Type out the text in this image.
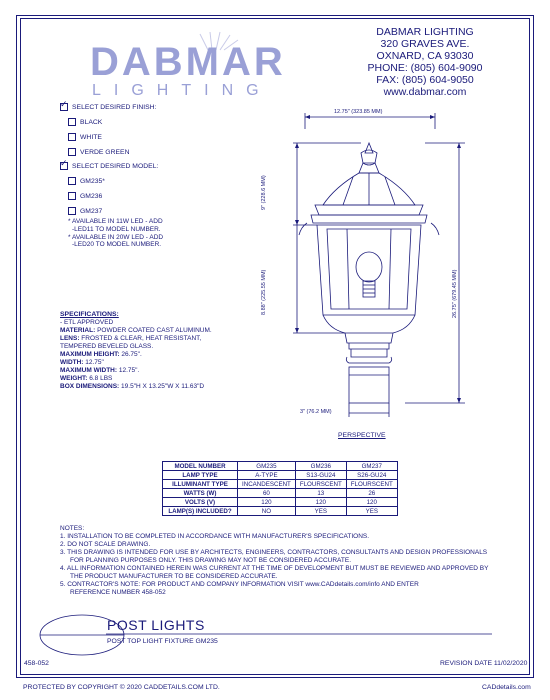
DABMAR
LIGHTING
DABMAR LIGHTING
320 GRAVES AVE.
OXNARD, CA 93030
PHONE: (805) 604-9090
FAX: (805) 604-9050
www.dabmar.com
✓
SELECT DESIRED FINISH:
BLACK
WHITE
VERDE GREEN
✓
SELECT DESIRED MODEL:
GM235*
GM236
GM237
* AVAILABLE IN 11W LED - ADD
-LED11 TO MODEL NUMBER.
* AVAILABLE IN 20W LED - ADD
-LED20 TO MODEL NUMBER.
SPECIFICATIONS:
- ETL APPROVED
MATERIAL: POWDER COATED CAST ALUMINUM.
LENS: FROSTED & CLEAR, HEAT RESISTANT,
TEMPERED BEVELED GLASS.
MAXIMUM HEIGHT: 26.75".
WIDTH: 12.75"
MAXIMUM WIDTH: 12.75".
WEIGHT: 6.8 LBS
BOX DIMENSIONS: 19.5"H X 13.25"W X 11.63"D
12.75" (323.85 MM)
9" (228.6 MM)
8.88" (225.55 MM)	26.75" (679.45 MM)
3" (76.2 MM)
PERSPECTIVE
MODEL NUMBER	GM235	GM236	GM237
LAMP TYPE	A-TYPE	S13-GU24	S26-GU24
ILLUMINANT TYPE	INCANDESCENT	FLOURSCENT	FLOURSCENT
WATTS (W)	60	13	26
VOLTS (V)	120	120	120
LAMP(S) INCLUDED?	NO	YES	YES
NOTES:
1. INSTALLATION TO BE COMPLETED IN ACCORDANCE WITH MANUFACTURER'S SPECIFICATIONS.
2. DO NOT SCALE DRAWING.
3. THIS DRAWING IS INTENDED FOR USE BY ARCHITECTS, ENGINEERS, CONTRACTORS, CONSULTANTS AND DESIGN PROFESSIONALS
FOR PLANNING PURPOSES ONLY. THIS DRAWING MAY NOT BE CONSIDERED ACCURATE.
4. ALL INFORMATION CONTAINED HEREIN WAS CURRENT AT THE TIME OF DEVELOPMENT BUT MUST BE REVIEWED AND APPROVED BY
THE PRODUCT MANUFACTURER TO BE CONSIDERED ACCURATE.
5. CONTRACTOR'S NOTE: FOR PRODUCT AND COMPANY INFORMATION VISIT www.CADdetails.com/info AND ENTER
REFERENCE NUMBER 458-052
POST LIGHTS
POST TOP LIGHT FIXTURE GM235
458-052	REVISION DATE 11/02/2020
PROTECTED BY COPYRIGHT © 2020 CADDETAILS.COM LTD.	CADdetails.com
